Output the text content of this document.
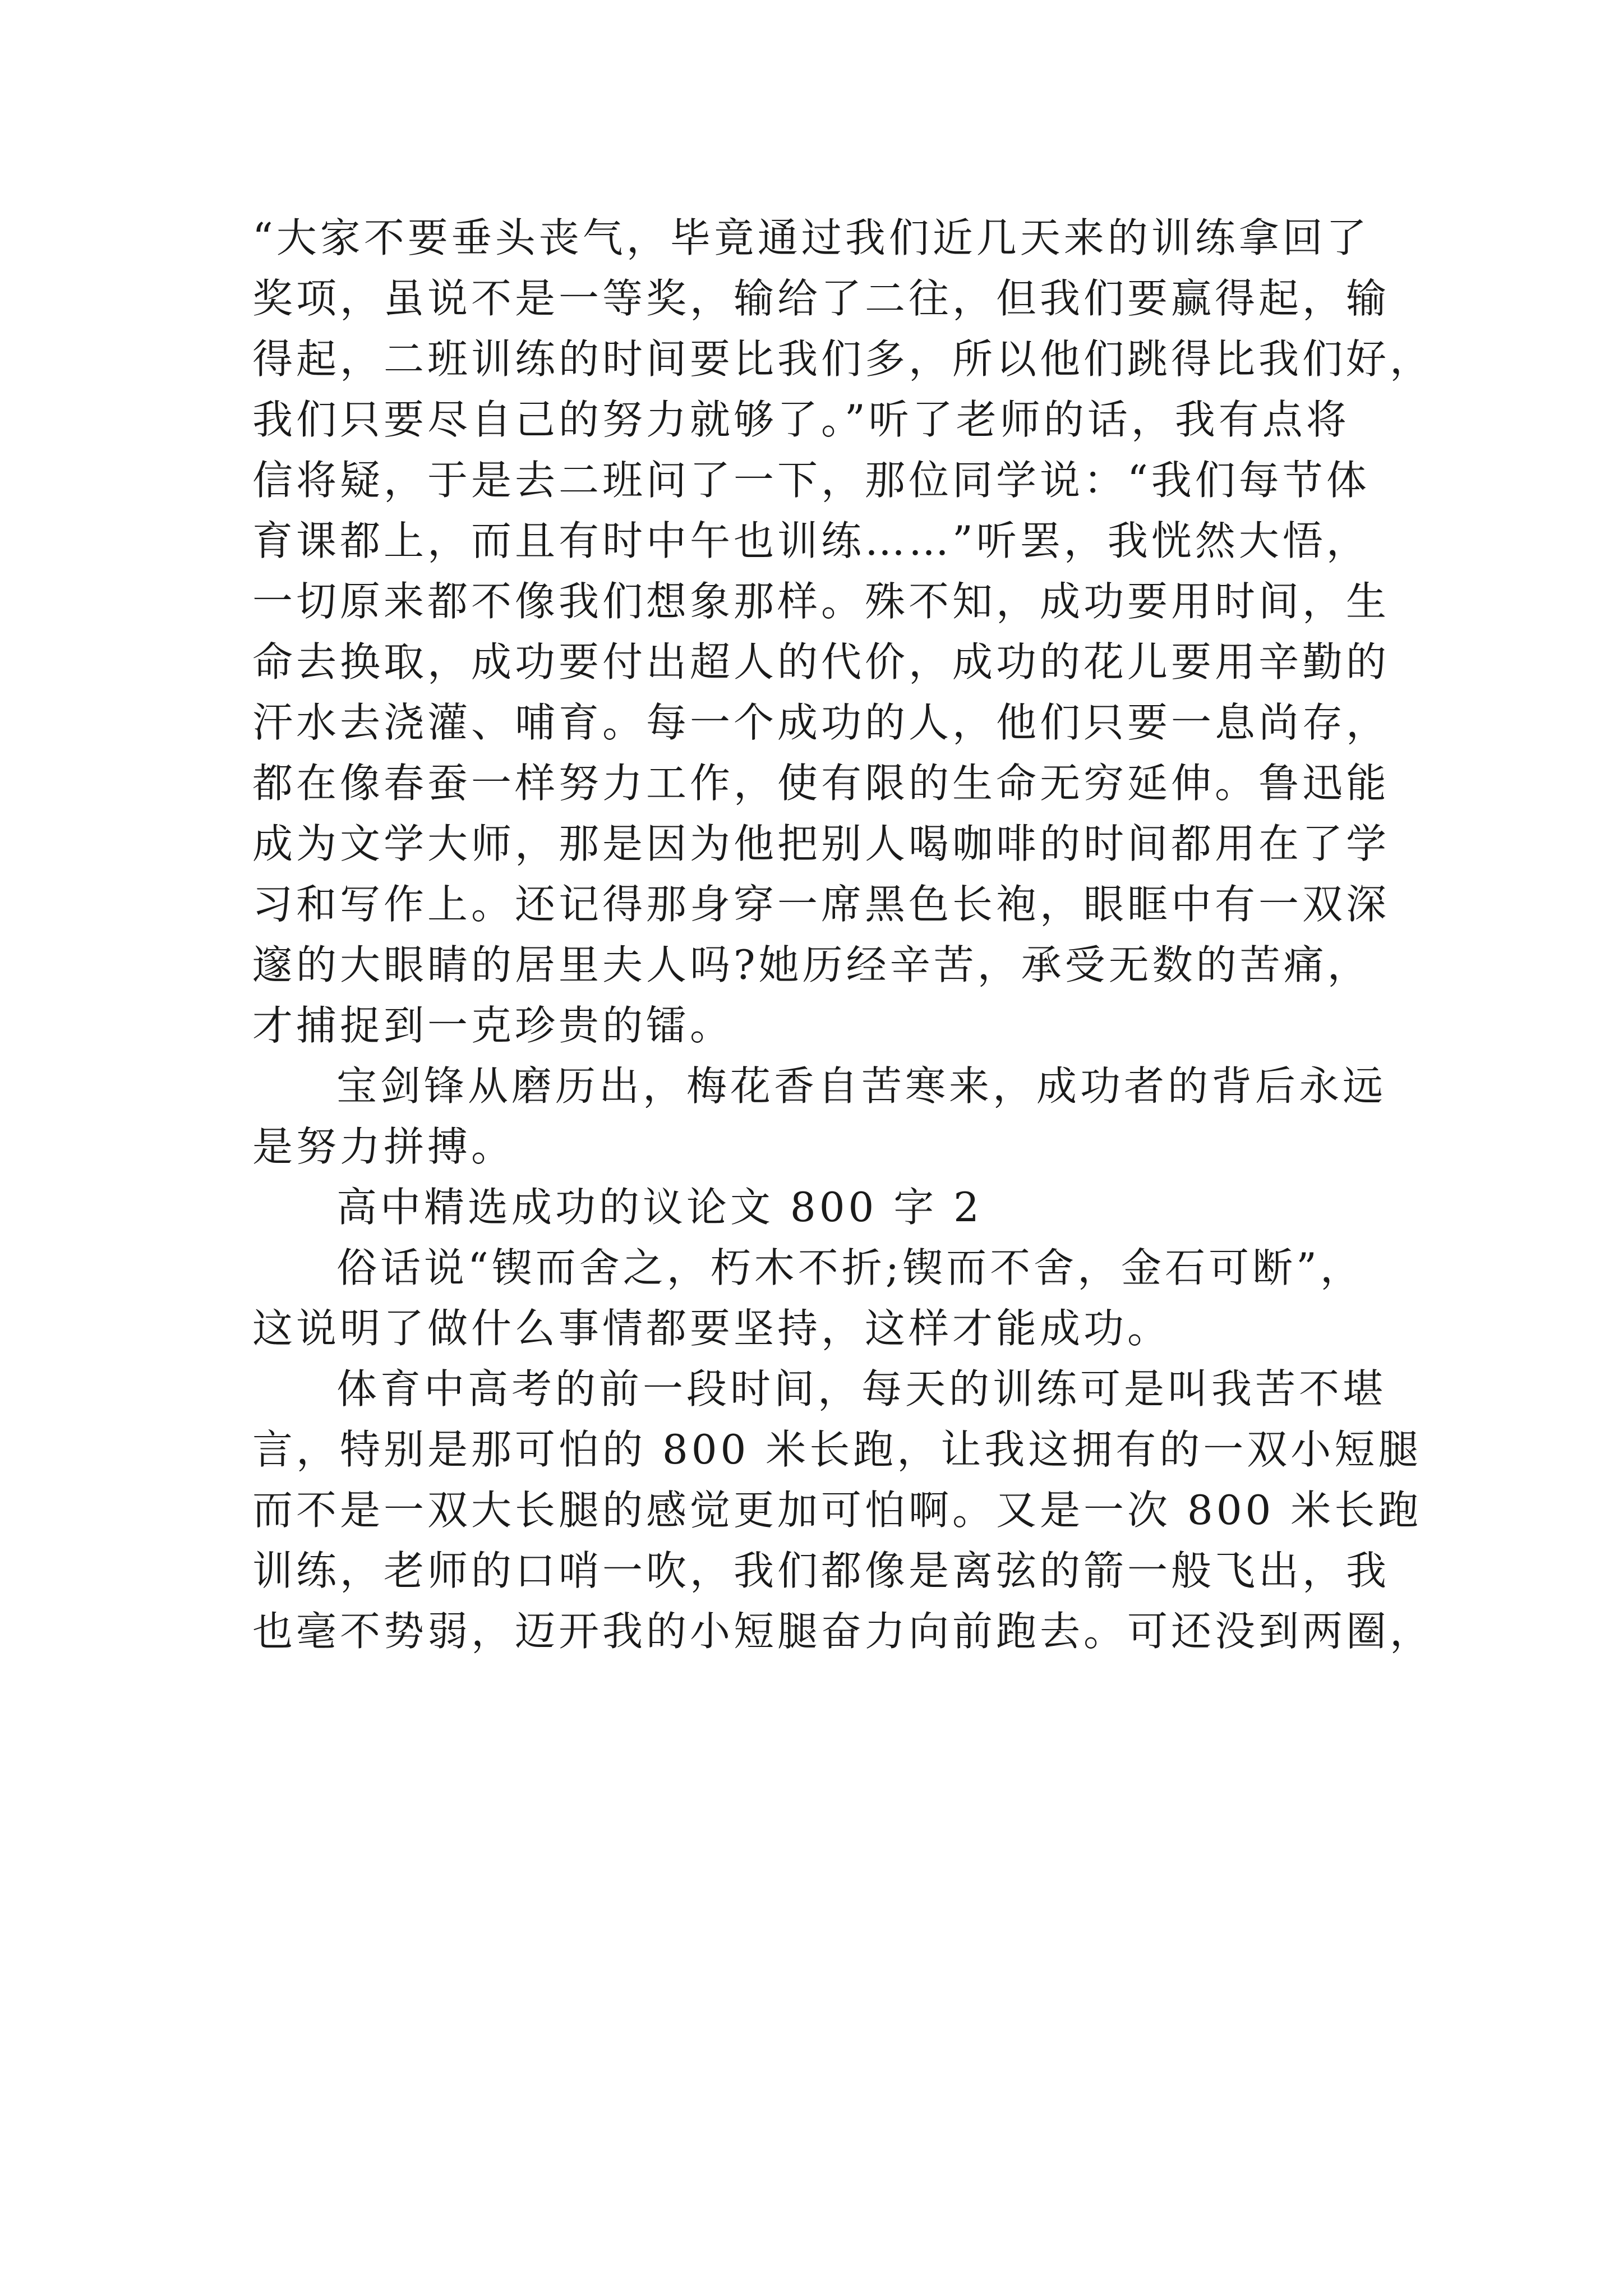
“大家不要垂头丧气，毕竟通过我们近几天来的训练拿回了
奖项，虽说不是一等奖，输给了二往，但我们要赢得起，输
得起，二班训练的时间要比我们多，所以他们跳得比我们好，
我们只要尽自己的努力就够了。”听了老师的话，我有点将
信将疑，于是去二班问了一下，那位同学说：“我们每节体
育课都上，而且有时中午也训练……”听罢，我恍然大悟，
一切原来都不像我们想象那样。殊不知，成功要用时间，生
命去换取，成功要付出超人的代价，成功的花儿要用辛勤的
汗水去浇灌、哺育。每一个成功的人，他们只要一息尚存，
都在像春蚕一样努力工作，使有限的生命无穷延伸。鲁迅能
成为文学大师，那是因为他把别人喝咖啡的时间都用在了学
习和写作上。还记得那身穿一席黑色长袍，眼眶中有一双深
邃的大眼睛的居里夫人吗?她历经辛苦，承受无数的苦痛，
才捕捉到一克珍贵的镭。
宝剑锋从磨历出，梅花香自苦寒来，成功者的背后永远
是努力拼搏。
高中精选成功的议论文 800 字 2
俗话说“锲而舍之，朽木不折;锲而不舍，金石可断”，
这说明了做什么事情都要坚持，这样才能成功。
体育中高考的前一段时间，每天的训练可是叫我苦不堪
言，特别是那可怕的 800 米长跑，让我这拥有的一双小短腿
而不是一双大长腿的感觉更加可怕啊。又是一次 800 米长跑
训练，老师的口哨一吹，我们都像是离弦的箭一般飞出，我
也毫不势弱，迈开我的小短腿奋力向前跑去。可还没到两圈，
